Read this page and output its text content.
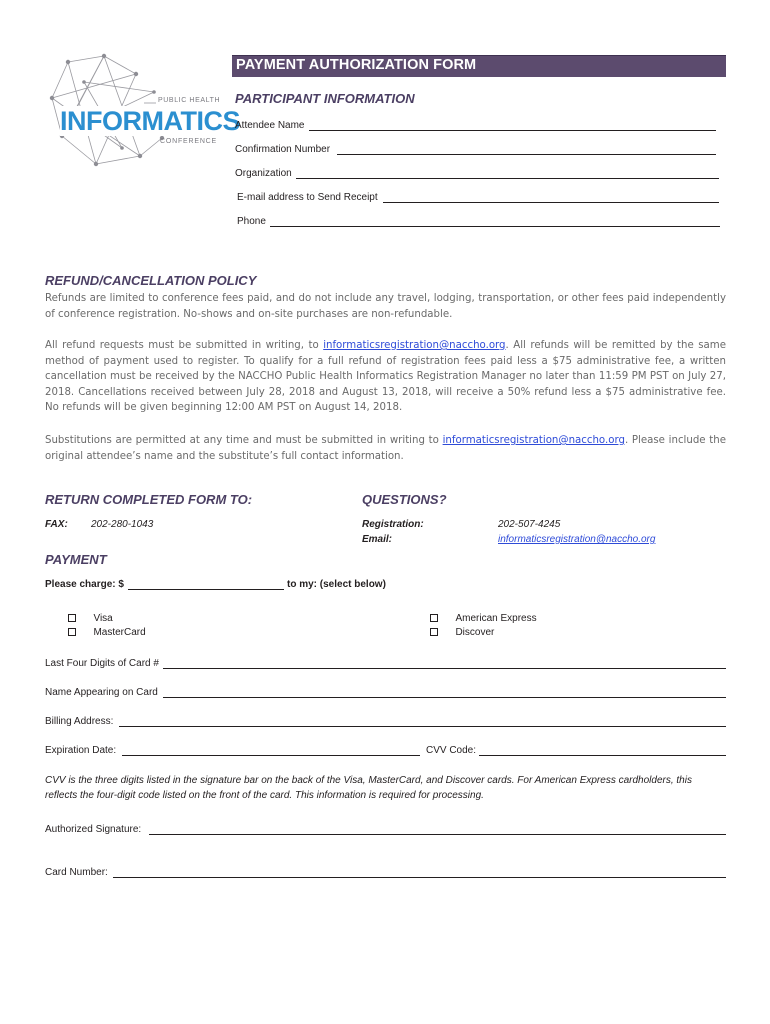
PUBLIC HEALTH
INFORMATICS
CONFERENCE
PAYMENT AUTHORIZATION FORM
PARTICIPANT INFORMATION
Attendee Name
Confirmation Number
Organization
E-mail address to Send Receipt
Phone
REFUND/CANCELLATION POLICY
Refunds are limited to conference fees paid, and do not include any travel, lodging, transportation, or other fees paid independently of conference registration. No-shows and on-site purchases are non-refundable.
All refund requests must be submitted in writing, to informaticsregistration@naccho.org. All refunds will be remitted by the same method of payment used to register. To qualify for a full refund of registration fees paid less a $75 administrative fee, a written cancellation must be received by the NACCHO Public Health Informatics Registration Manager no later than 11:59 PM PST on July 27, 2018. Cancellations received between July 28, 2018 and August 13, 2018, will receive a 50% refund less a $75 administrative fee. No refunds will be given beginning 12:00 AM PST on August 14, 2018.
Substitutions are permitted at any time and must be submitted in writing to informaticsregistration@naccho.org. Please include the original attendee’s name and the substitute’s full contact information.
RETURN COMPLETED FORM TO:
FAX: 202-280-1043
QUESTIONS?
Registration:	202-507-4245
Email:	informaticsregistration@naccho.org
PAYMENT
Please charge: $	to my: (select below)
Visa
MasterCard
American Express
Discover
Last Four Digits of Card #
Name Appearing on Card
Billing Address:
Expiration Date:	CVV Code:
CVV is the three digits listed in the signature bar on the back of the Visa, MasterCard, and Discover cards. For American Express cardholders, this reflects the four-digit code listed on the front of the card. This information is required for processing.
Authorized Signature:
Card Number:
